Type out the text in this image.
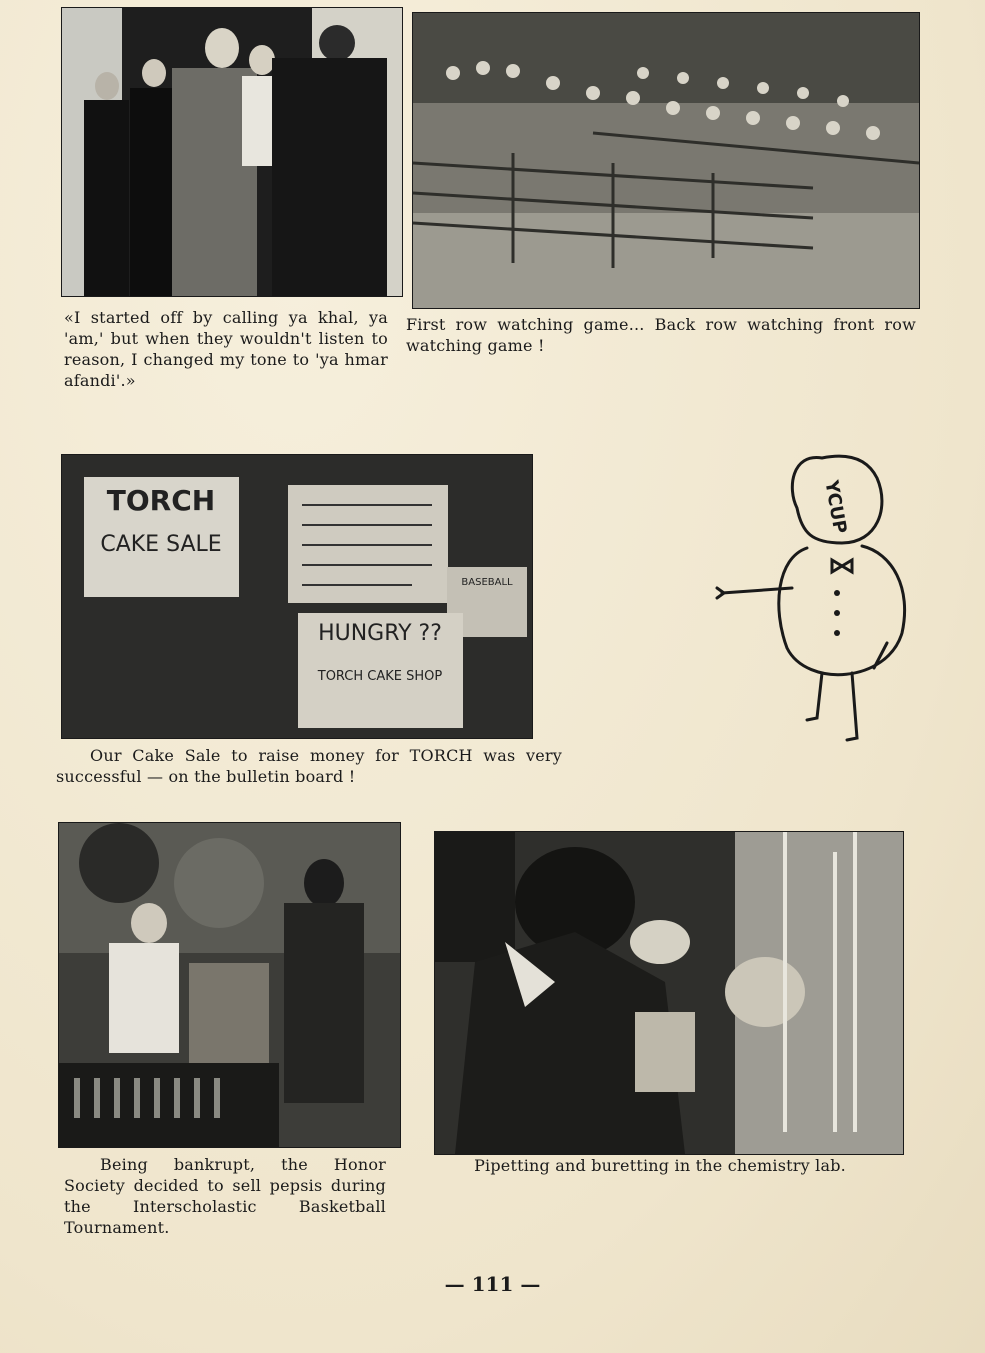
«I started off by calling ya khal, ya 'am,' but when they wouldn't listen to reason, I changed my tone to 'ya hmar afandi'.»
First row watching game... Back row watching front row watching game !
TORCH
CAKE SALE
BASEBALL
HUNGRY ??
TORCH CAKE SHOP
Our Cake Sale to raise money for TORCH was very successful — on the bulletin board !
YCUP
Being bankrupt, the Honor Society decided to sell pepsis during the Interscholastic Basketball Tournament.
Pipetting and buretting in the chemistry lab.
— 111 —
